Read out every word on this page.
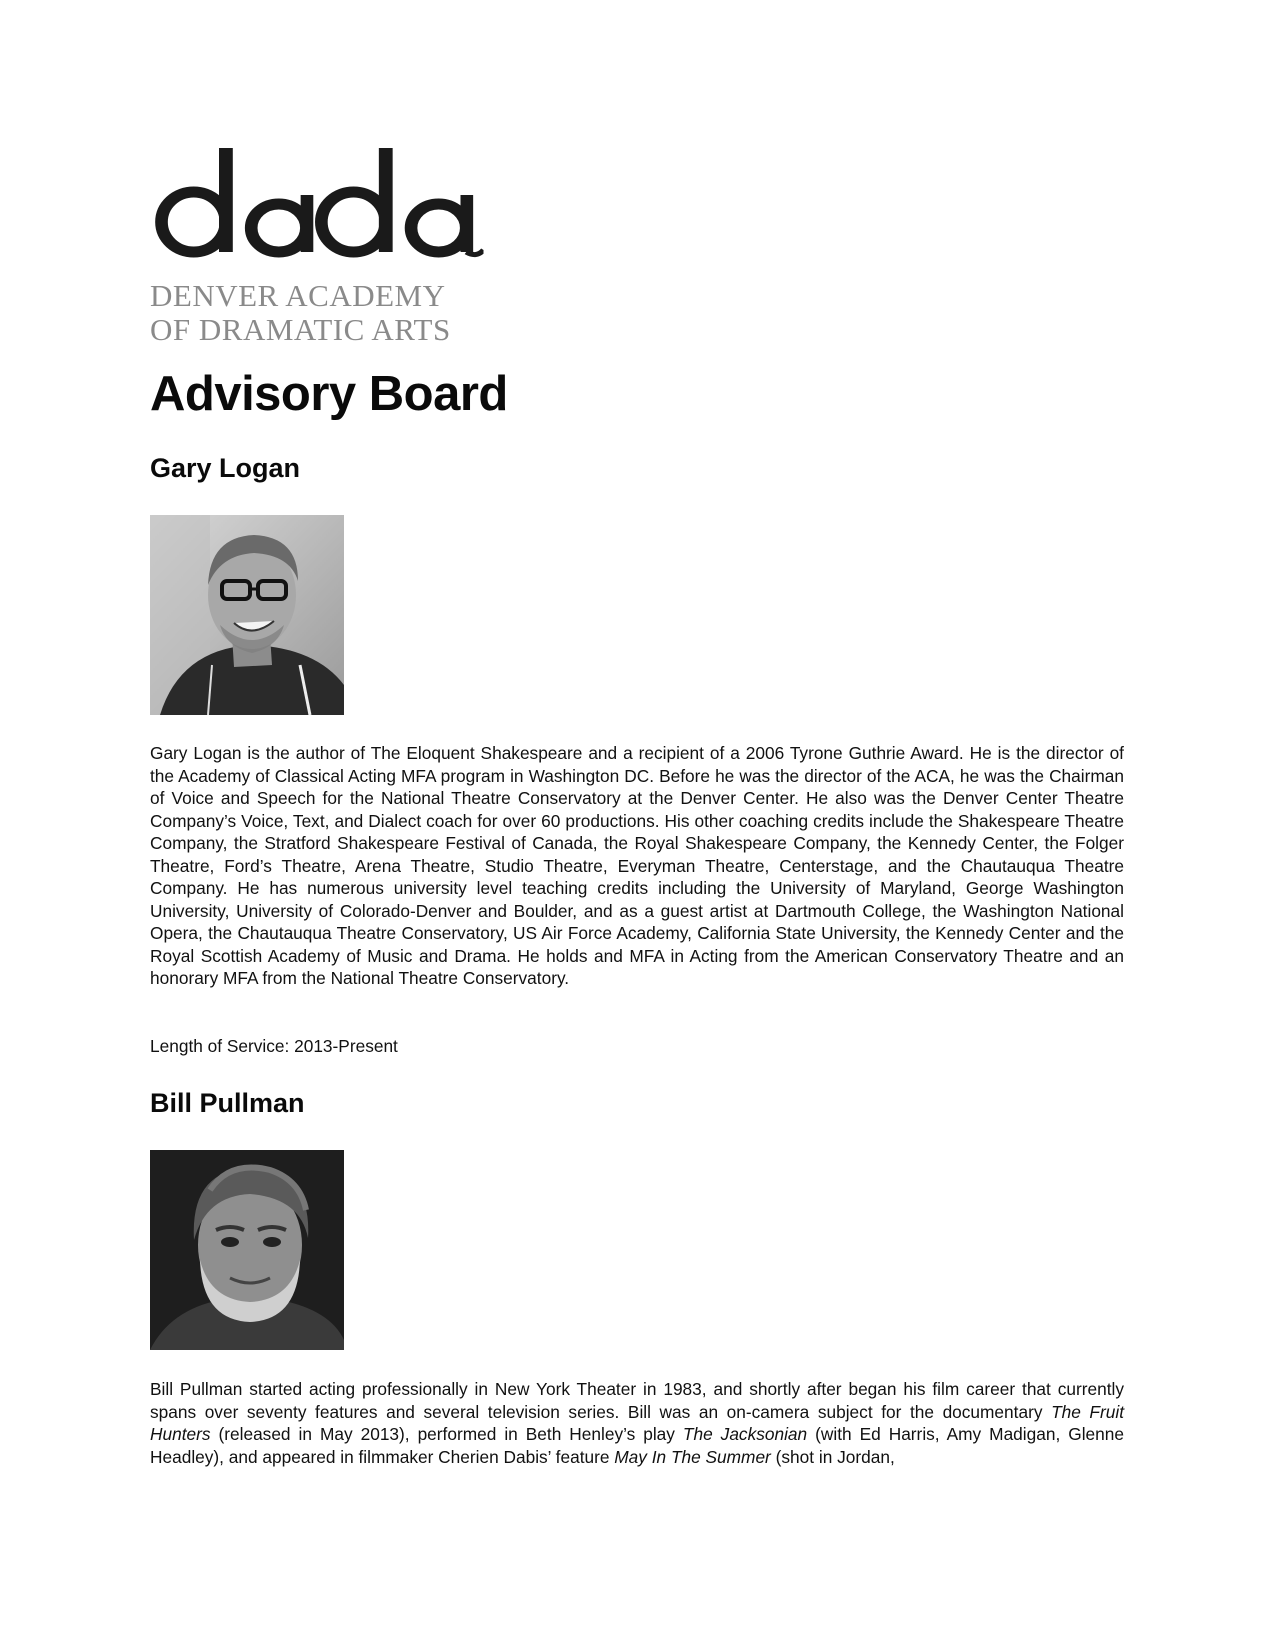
DENVER ACADEMY
OF DRAMATIC ARTS
Advisory Board
Gary Logan

Gary Logan is the author of The Eloquent Shakespeare and a recipient of a 2006 Tyrone Guthrie Award. He is the director of the Academy of Classical Acting MFA program in Washington DC. Before he was the director of the ACA, he was the Chairman of Voice and Speech for the National Theatre Conservatory at the Denver Center. He also was the Denver Center Theatre Company’s Voice, Text, and Dialect coach for over 60 productions. His other coaching credits include the Shakespeare Theatre Company, the Stratford Shakespeare Festival of Canada, the Royal Shakespeare Company, the Kennedy Center, the Folger Theatre, Ford’s Theatre, Arena Theatre, Studio Theatre, Everyman Theatre, Centerstage, and the Chautauqua Theatre Company. He has numerous university level teaching credits including the University of Maryland, George Washington University, University of Colorado-Denver and Boulder, and as a guest artist at Dartmouth College, the Washington National Opera, the Chautauqua Theatre Conservatory, US Air Force Academy, California State University, the Kennedy Center and the Royal Scottish Academy of Music and Drama. He holds and MFA in Acting from the American Conservatory Theatre and an honorary MFA from the National Theatre Conservatory.

Length of Service: 2013-Present

Bill Pullman

Bill Pullman started acting professionally in New York Theater in 1983, and shortly after began his film career that currently spans over seventy features and several television series. Bill was an on-camera subject for the documentary The Fruit Hunters (released in May 2013), performed in Beth Henley’s play The Jacksonian (with Ed Harris, Amy Madigan, Glenne Headley), and appeared in filmmaker Cherien Dabis’ feature May In The Summer (shot in Jordan,
